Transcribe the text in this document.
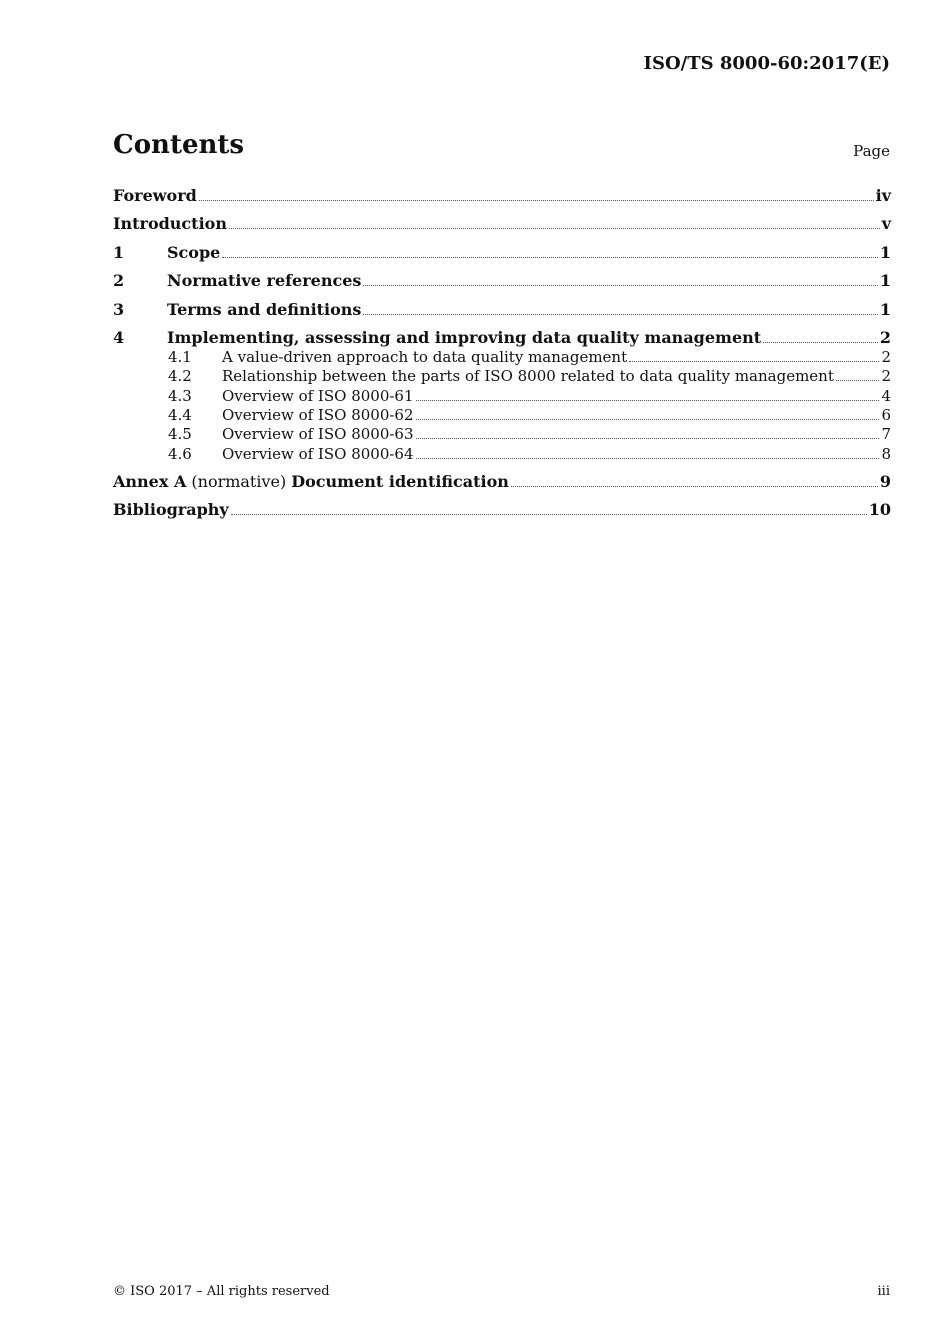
ISO/TS 8000-60:2017(E)
Contents	Page
Foreword	iv
Introduction	v
1	Scope	1
2	Normative references	1
3	Terms and definitions	1
4	Implementing, assessing and improving data quality management	2
4.1	A value-driven approach to data quality management	2
4.2	Relationship between the parts of ISO 8000 related to data quality management	2
4.3	Overview of ISO 8000-61	4
4.4	Overview of ISO 8000-62	6
4.5	Overview of ISO 8000-63	7
4.6	Overview of ISO 8000-64	8
Annex A (normative) Document identification	9
Bibliography	10
© ISO 2017 – All rights reserved	iii
